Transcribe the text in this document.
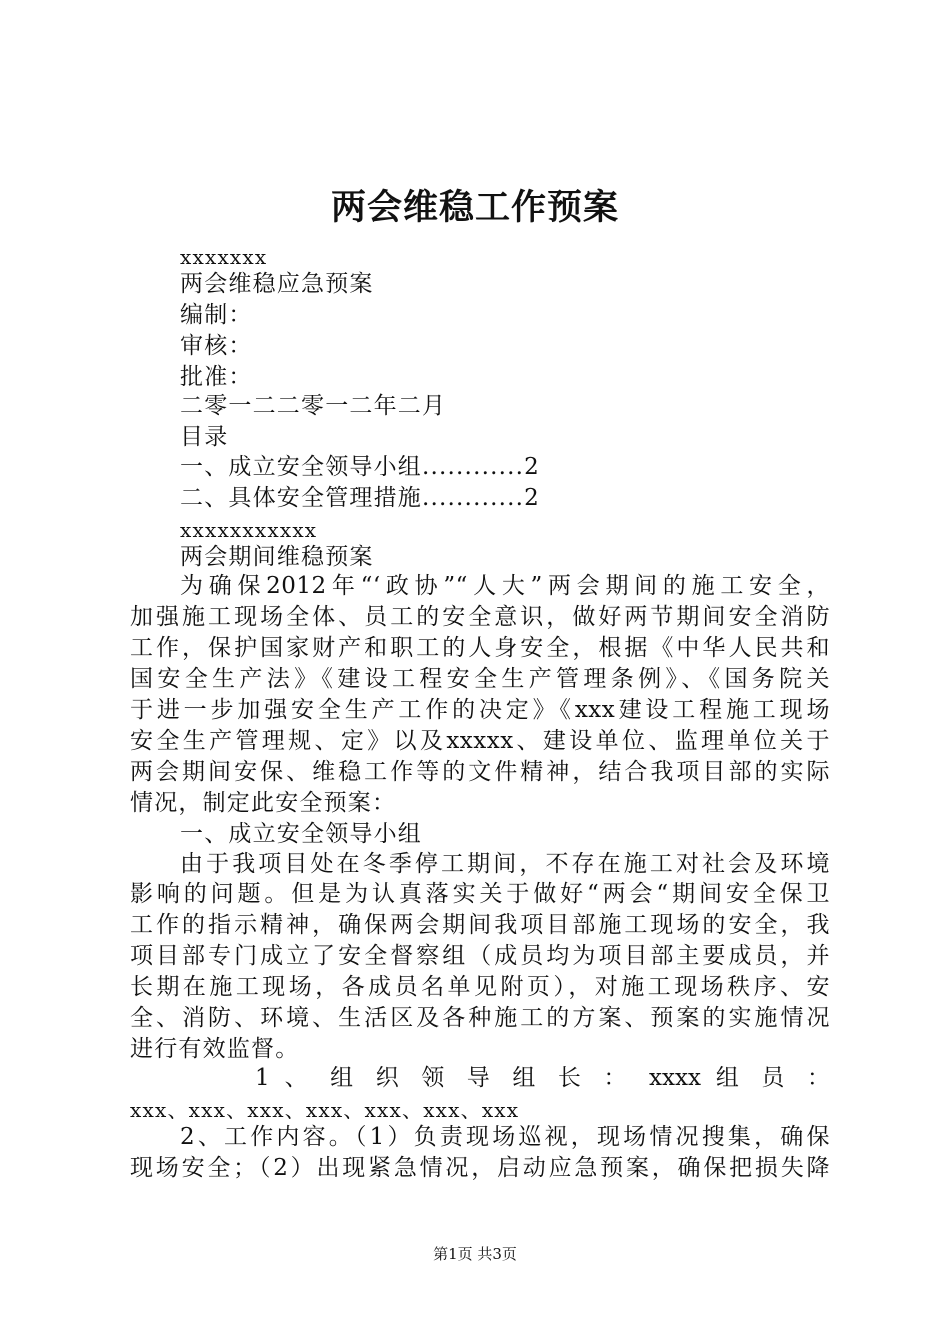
两会维稳工作预案
xxxxxxx
两会维稳应急预案
编制：
审核：
批准：
二零一二二零一二年二月
目录
一、成立安全领导小组............2
二、具体安全管理措施............2
xxxxxxxxxxx
两会期间维稳预案
为确保2012年“‘政协”“人大”两会期间的施工安全，
加强施工现场全体、员工的安全意识，做好两节期间安全消防
工作，保护国家财产和职工的人身安全，根据《中华人民共和
国安全生产法》《建设工程安全生产管理条例》、《国务院关
于进一步加强安全生产工作的决定》《xxx建设工程施工现场
安全生产管理规、定》以及xxxxx、建设单位、监理单位关于
两会期间安保、维稳工作等的文件精神，结合我项目部的实际
情况，制定此安全预案：
一、成立安全领导小组
由于我项目处在冬季停工期间，不存在施工对社会及环境
影响的问题。但是为认真落实关于做好“两会“期间安全保卫
工作的指示精神，确保两会期间我项目部施工现场的安全，我
项目部专门成立了安全督察组（成员均为项目部主要成员，并
长期在施工现场，各成员名单见附页），对施工现场秩序、安
全、消防、环境、生活区及各种施工的方案、预案的实施情况
进行有效监督。
1 、 组 织 领 导 组 长 ： xxxx 组 员 ：
xxx、xxx、xxx、xxx、xxx、xxx、xxx
2、工作内容。（1）负责现场巡视，现场情况搜集，确保
现场安全；（2）出现紧急情况，启动应急预案，确保把损失降
第1页 共3页
